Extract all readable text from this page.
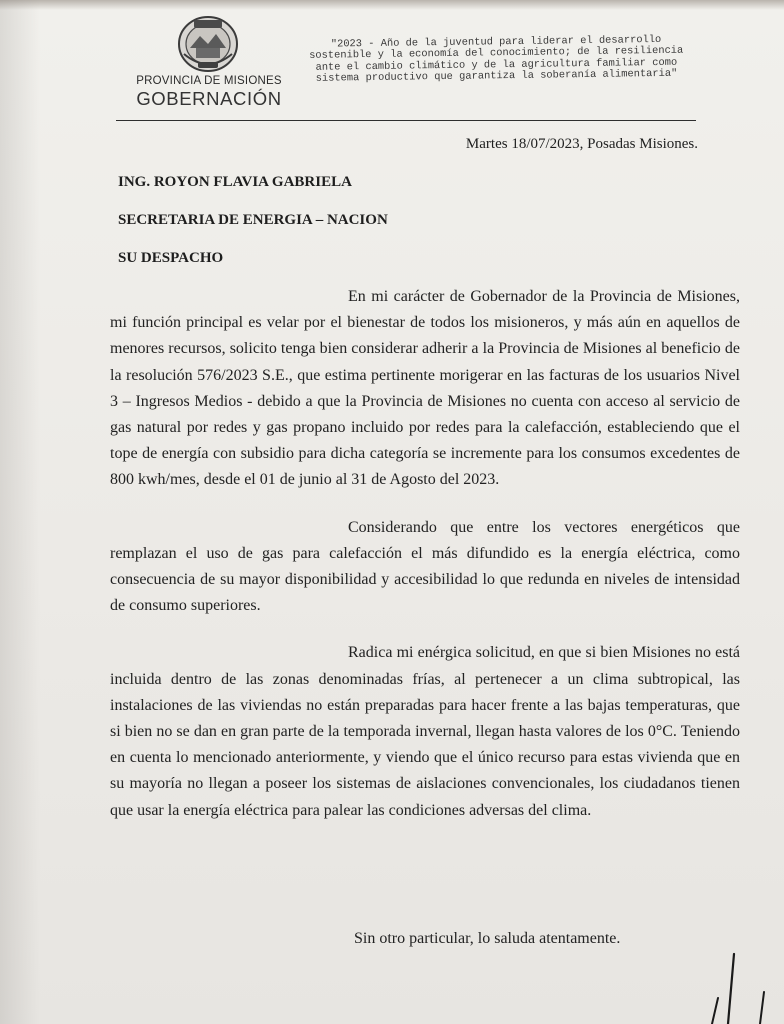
PROVINCIA DE MISIONES
GOBERNACIÓN
"2023 - Año de la juventud para liderar el desarrollo sostenible y la economía del conocimiento; de la resiliencia ante el cambio climático y de la agricultura familiar como sistema productivo que garantiza la soberanía alimentaria"
Martes 18/07/2023, Posadas Misiones.
ING. ROYON FLAVIA GABRIELA
SECRETARIA DE ENERGIA – NACION
SU DESPACHO

En mi carácter de Gobernador de la Provincia de Misiones, mi función principal es velar por el bienestar de todos los misioneros, y más aún en aquellos de menores recursos, solicito tenga bien considerar adherir a la Provincia de Misiones al beneficio de la resolución 576/2023 S.E., que estima pertinente morigerar en las facturas de los usuarios Nivel 3 – Ingresos Medios - debido a que la Provincia de Misiones no cuenta con acceso al servicio de gas natural por redes y gas propano incluido por redes para la calefacción, estableciendo que el tope de energía con subsidio para dicha categoría se incremente para los consumos excedentes de 800 kwh/mes, desde el 01 de junio al 31 de Agosto del 2023.

Considerando que entre los vectores energéticos que remplazan el uso de gas para calefacción el más difundido es la energía eléctrica, como consecuencia de su mayor disponibilidad y accesibilidad lo que redunda en niveles de intensidad de consumo superiores.

Radica mi enérgica solicitud, en que si bien Misiones no está incluida dentro de las zonas denominadas frías, al pertenecer a un clima subtropical, las instalaciones de las viviendas no están preparadas para hacer frente a las bajas temperaturas, que si bien no se dan en gran parte de la temporada invernal, llegan hasta valores de los 0°C. Teniendo en cuenta lo mencionado anteriormente, y viendo que el único recurso para estas vivienda que en su mayoría no llegan a poseer los sistemas de aislaciones convencionales, los ciudadanos tienen que usar la energía eléctrica para palear las condiciones adversas del clima.

Sin otro particular, lo saluda atentamente.
